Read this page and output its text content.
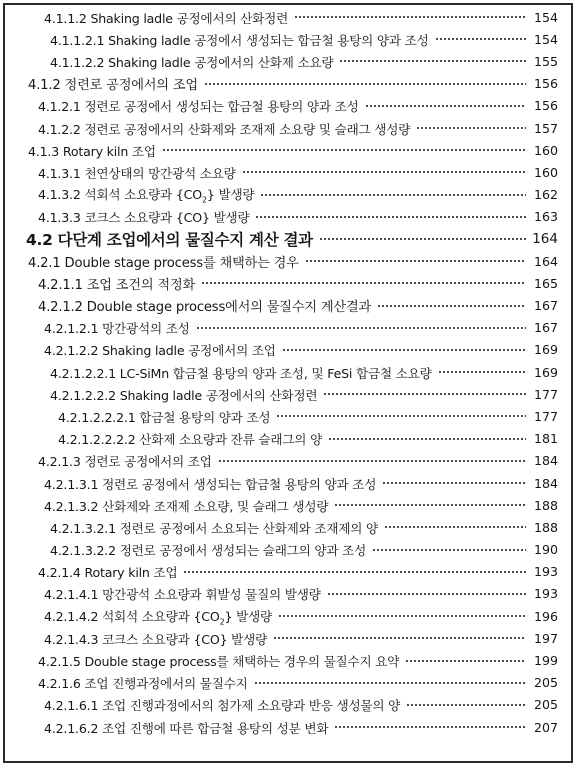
4.1.1.2 Shaking ladle 공정에서의 산화정련	154
4.1.1.2.1 Shaking ladle 공정에서 생성되는 합금철 용탕의 양과 조성	154
4.1.1.2.2 Shaking ladle 공정에서의 산화제 소요량	155
4.1.2 정련로 공정에서의 조업	156
4.1.2.1 정련로 공정에서 생성되는 합금철 용탕의 양과 조성	156
4.1.2.2 정련로 공정에서의 산화제와 조재제 소요량 및 슬래그 생성량	157
4.1.3 Rotary kiln 조업	160
4.1.3.1 천연상태의 망간광석 소요량	160
4.1.3.2 석회석 소요량과 $\{CO_2\}$ 발생량	162
4.1.3.3 코크스 소요량과 {CO} 발생량	163
4.2 다단계 조업에서의 물질수지 계산 결과	164
4.2.1 Double stage process를 채택하는 경우	164
4.2.1.1 조업 조건의 적정화	165
4.2.1.2 Double stage process에서의 물질수지 계산결과	167
4.2.1.2.1 망간광석의 조성	167
4.2.1.2.2 Shaking ladle 공정에서의 조업	169
4.2.1.2.2.1 LC-SiMn 합금철 용탕의 양과 조성, 및 FeSi 합금철 소요량	169
4.2.1.2.2.2 Shaking ladle 공정에서의 산화정련	177
4.2.1.2.2.2.1 합금철 용탕의 양과 조성	177
4.2.1.2.2.2.2 산화제 소요량과 잔류 슬래그의 양	181
4.2.1.3 정련로 공정에서의 조업	184
4.2.1.3.1 정련로 공정에서 생성되는 합금철 용탕의 양과 조성	184
4.2.1.3.2 산화제와 조재제 소요량, 및 슬래그 생성량	188
4.2.1.3.2.1 정련로 공정에서 소요되는 산화제와 조재제의 양	188
4.2.1.3.2.2 정련로 공정에서 생성되는 슬래그의 양과 조성	190
4.2.1.4 Rotary kiln 조업	193
4.2.1.4.1 망간광석 소요량과 휘발성 물질의 발생량	193
4.2.1.4.2 석회석 소요량과 $\{CO_2\}$ 발생량	196
4.2.1.4.3 코크스 소요량과 {CO} 발생량	197
4.2.1.5 Double stage process를 채택하는 경우의 물질수지 요약	199
4.2.1.6 조업 진행과정에서의 물질수지	205
4.2.1.6.1 조업 진행과정에서의 첨가제 소요량과 반응 생성물의 양	205
4.2.1.6.2 조업 진행에 따른 합금철 용탕의 성분 변화	207
